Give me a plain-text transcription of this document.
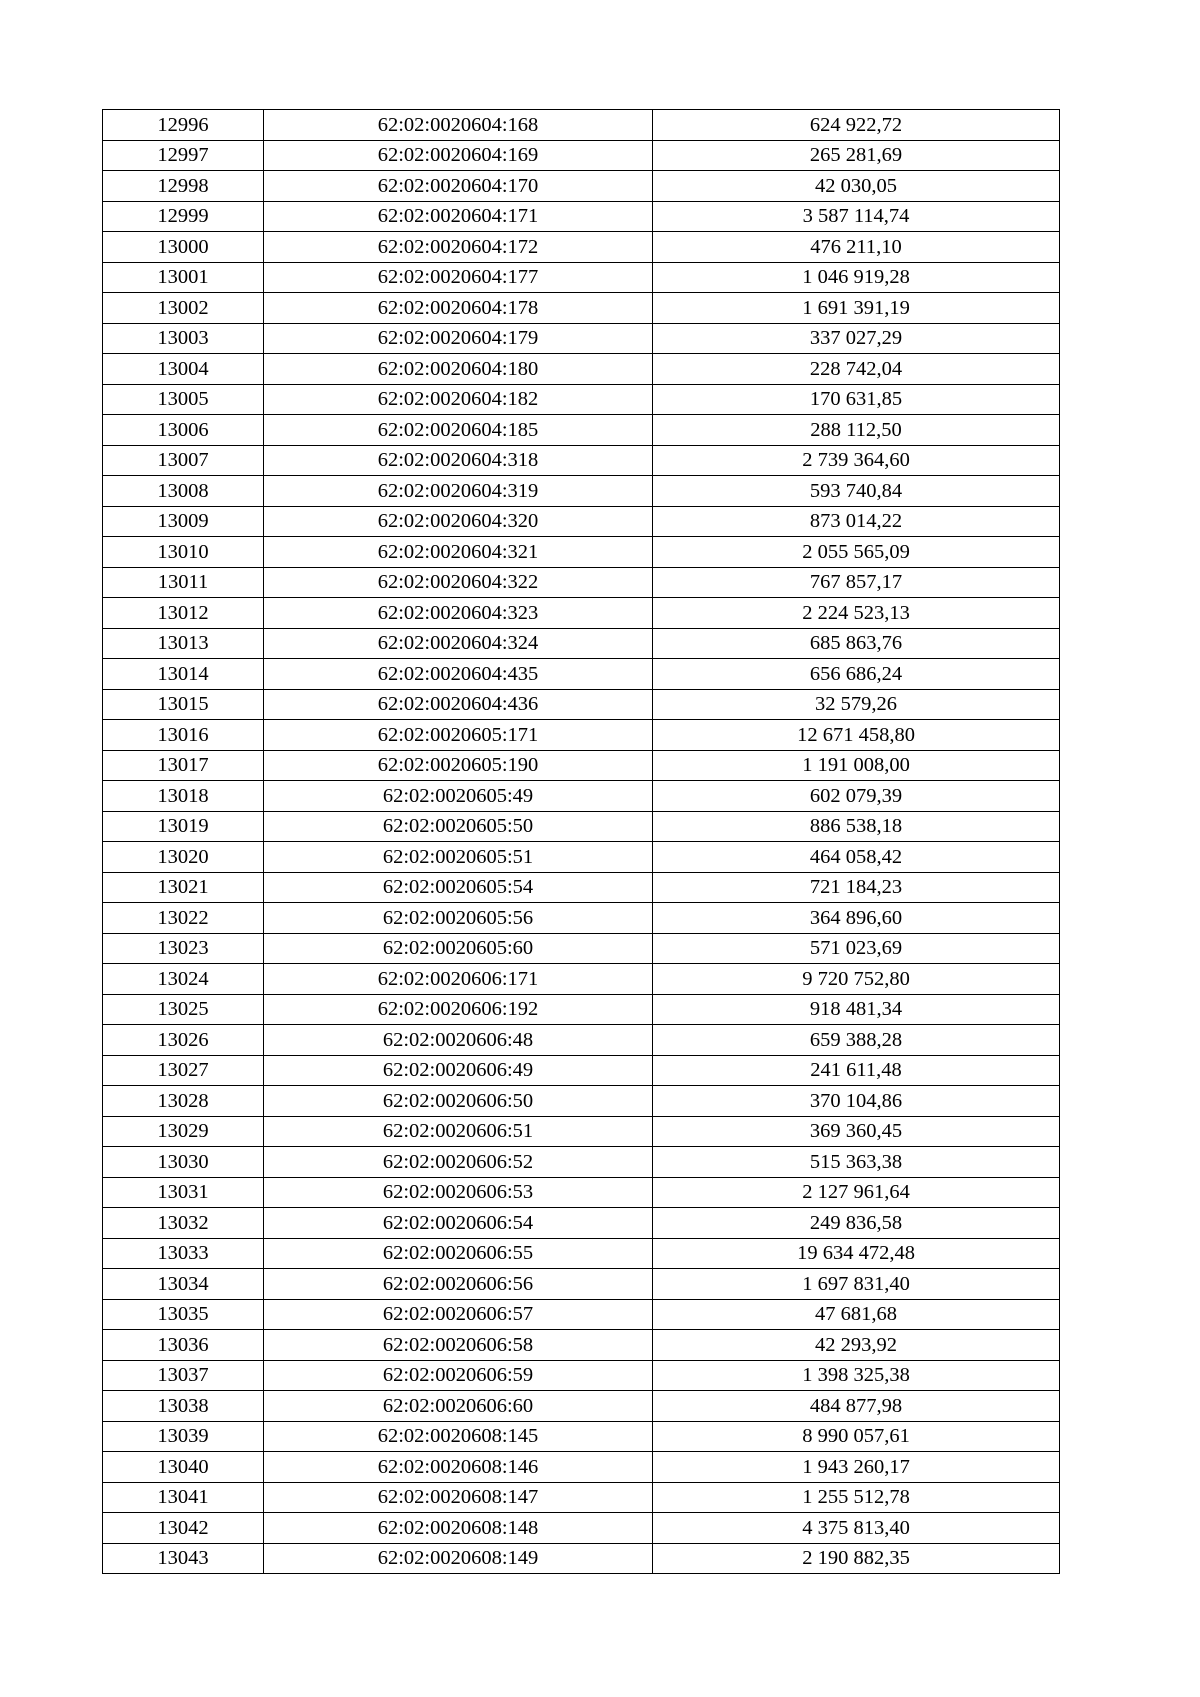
12996	62:02:0020604:168	624 922,72
12997	62:02:0020604:169	265 281,69
12998	62:02:0020604:170	42 030,05
12999	62:02:0020604:171	3 587 114,74
13000	62:02:0020604:172	476 211,10
13001	62:02:0020604:177	1 046 919,28
13002	62:02:0020604:178	1 691 391,19
13003	62:02:0020604:179	337 027,29
13004	62:02:0020604:180	228 742,04
13005	62:02:0020604:182	170 631,85
13006	62:02:0020604:185	288 112,50
13007	62:02:0020604:318	2 739 364,60
13008	62:02:0020604:319	593 740,84
13009	62:02:0020604:320	873 014,22
13010	62:02:0020604:321	2 055 565,09
13011	62:02:0020604:322	767 857,17
13012	62:02:0020604:323	2 224 523,13
13013	62:02:0020604:324	685 863,76
13014	62:02:0020604:435	656 686,24
13015	62:02:0020604:436	32 579,26
13016	62:02:0020605:171	12 671 458,80
13017	62:02:0020605:190	1 191 008,00
13018	62:02:0020605:49	602 079,39
13019	62:02:0020605:50	886 538,18
13020	62:02:0020605:51	464 058,42
13021	62:02:0020605:54	721 184,23
13022	62:02:0020605:56	364 896,60
13023	62:02:0020605:60	571 023,69
13024	62:02:0020606:171	9 720 752,80
13025	62:02:0020606:192	918 481,34
13026	62:02:0020606:48	659 388,28
13027	62:02:0020606:49	241 611,48
13028	62:02:0020606:50	370 104,86
13029	62:02:0020606:51	369 360,45
13030	62:02:0020606:52	515 363,38
13031	62:02:0020606:53	2 127 961,64
13032	62:02:0020606:54	249 836,58
13033	62:02:0020606:55	19 634 472,48
13034	62:02:0020606:56	1 697 831,40
13035	62:02:0020606:57	47 681,68
13036	62:02:0020606:58	42 293,92
13037	62:02:0020606:59	1 398 325,38
13038	62:02:0020606:60	484 877,98
13039	62:02:0020608:145	8 990 057,61
13040	62:02:0020608:146	1 943 260,17
13041	62:02:0020608:147	1 255 512,78
13042	62:02:0020608:148	4 375 813,40
13043	62:02:0020608:149	2 190 882,35
